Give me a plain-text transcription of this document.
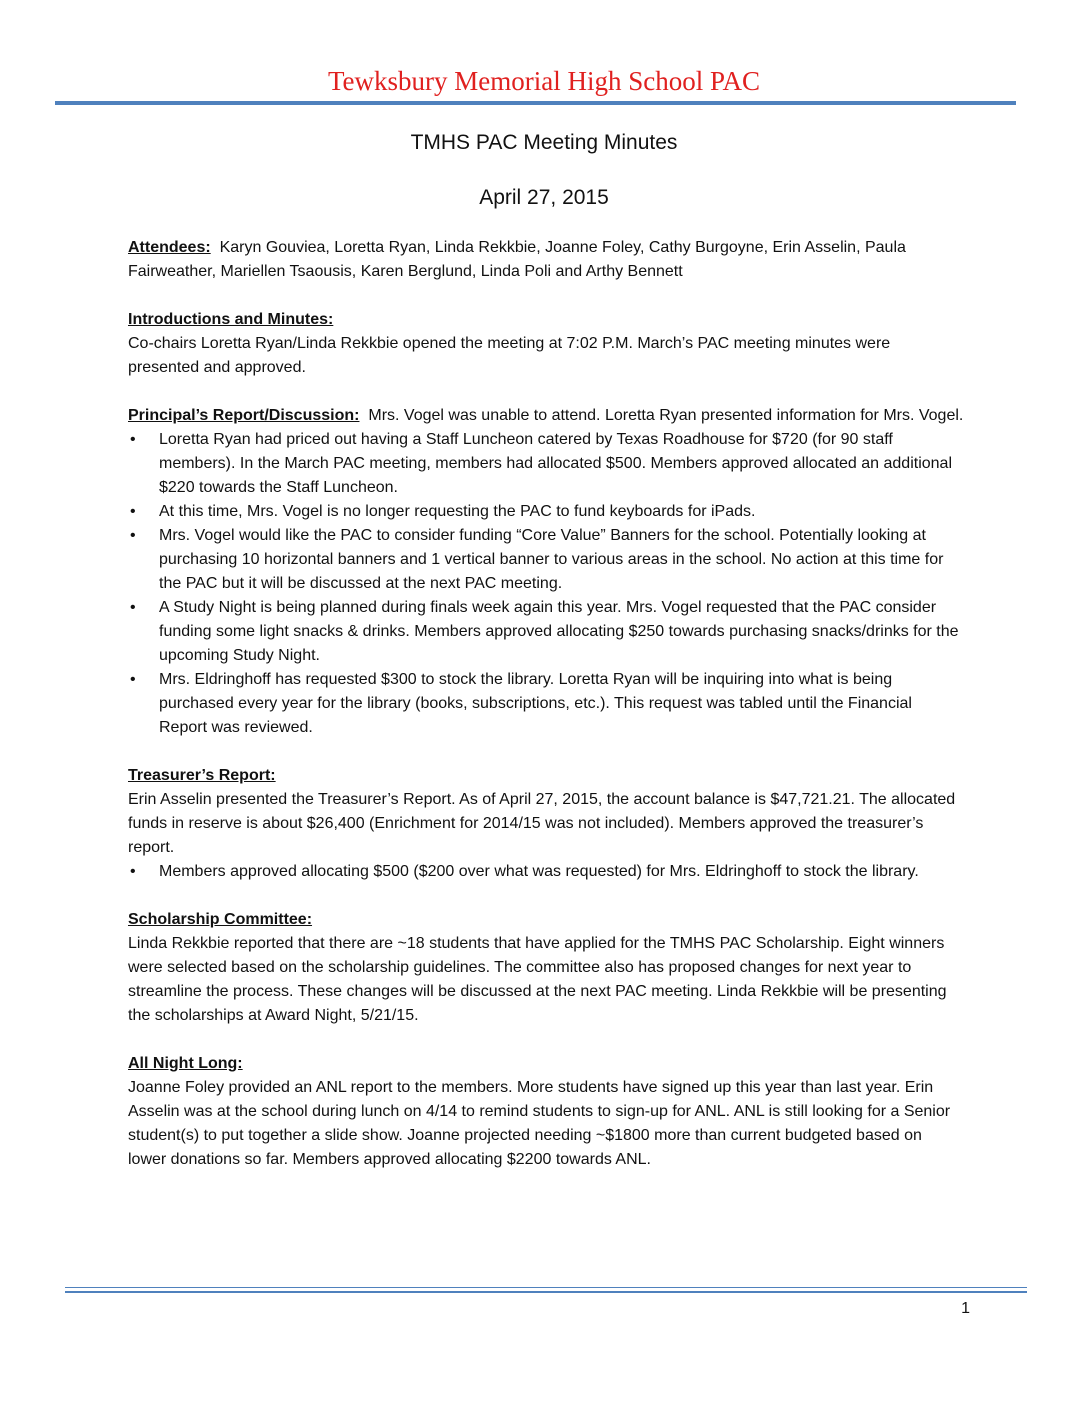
Tewksbury Memorial High School PAC
TMHS PAC Meeting Minutes
April 27, 2015

Attendees: Karyn Gouviea, Loretta Ryan, Linda Rekkbie, Joanne Foley, Cathy Burgoyne, Erin Asselin, Paula Fairweather, Mariellen Tsaousis, Karen Berglund, Linda Poli and Arthy Bennett

Introductions and Minutes:

Co-chairs Loretta Ryan/Linda Rekkbie opened the meeting at 7:02 P.M. March’s PAC meeting minutes were presented and approved.

Principal’s Report/Discussion: Mrs. Vogel was unable to attend. Loretta Ryan presented information for Mrs. Vogel.

• Loretta Ryan had priced out having a Staff Luncheon catered by Texas Roadhouse for $720 (for 90 staff members). In the March PAC meeting, members had allocated $500. Members approved allocated an additional $220 towards the Staff Luncheon.
• At this time, Mrs. Vogel is no longer requesting the PAC to fund keyboards for iPads.
• Mrs. Vogel would like the PAC to consider funding “Core Value” Banners for the school. Potentially looking at purchasing 10 horizontal banners and 1 vertical banner to various areas in the school. No action at this time for the PAC but it will be discussed at the next PAC meeting.
• A Study Night is being planned during finals week again this year. Mrs. Vogel requested that the PAC consider funding some light snacks & drinks. Members approved allocating $250 towards purchasing snacks/drinks for the upcoming Study Night.
• Mrs. Eldringhoff has requested $300 to stock the library. Loretta Ryan will be inquiring into what is being purchased every year for the library (books, subscriptions, etc.). This request was tabled until the Financial Report was reviewed.

Treasurer’s Report:

Erin Asselin presented the Treasurer’s Report. As of April 27, 2015, the account balance is $47,721.21. The allocated funds in reserve is about $26,400 (Enrichment for 2014/15 was not included). Members approved the treasurer’s report.

• Members approved allocating $500 ($200 over what was requested) for Mrs. Eldringhoff to stock the library.

Scholarship Committee:

Linda Rekkbie reported that there are ~18 students that have applied for the TMHS PAC Scholarship. Eight winners were selected based on the scholarship guidelines. The committee also has proposed changes for next year to streamline the process. These changes will be discussed at the next PAC meeting. Linda Rekkbie will be presenting the scholarships at Award Night, 5/21/15.

All Night Long:

Joanne Foley provided an ANL report to the members. More students have signed up this year than last year. Erin Asselin was at the school during lunch on 4/14 to remind students to sign-up for ANL. ANL is still looking for a Senior student(s) to put together a slide show. Joanne projected needing ~$1800 more than current budgeted based on lower donations so far. Members approved allocating $2200 towards ANL.

1
